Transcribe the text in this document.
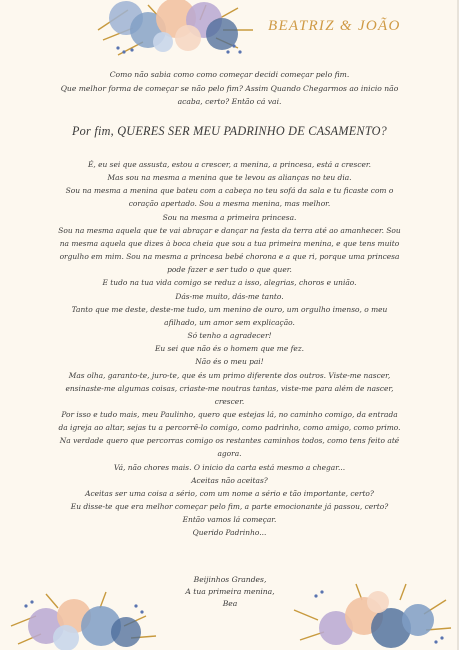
BEATRIZ & JOÃO
Como não sabia como como começar decidi começar pelo fim.
Que melhor forma de começar se não pelo fim? Assim Quando Chegarmos ao inicio não
acaba, certo? Então cá vai.
Por fim, QUERES SER MEU PADRINHO DE CASAMENTO?
É, eu sei que assusta, estou a crescer, a menina, a princesa, está a crescer.
Mas sou na mesma a menina que te levou as alianças no teu dia.
Sou na mesma a menina que bateu com a cabeça no teu sofá da sala e tu ficaste com o
coração apertado. Sou a mesma menina, mas melhor.
Sou na mesma a primeira princesa.
Sou na mesma aquela que te vai abraçar e dançar na festa da terra até ao amanhecer. Sou
na mesma aquela que dizes à boca cheia que sou a tua primeira menina, e que tens muito
orgulho em mim. Sou na mesma a princesa bebé chorona e a que ri, porque uma princesa
pode fazer e ser tudo o que quer.
E tudo na tua vida comigo se reduz a isso, alegrias, choros e união.
Dás-me muito, dás-me tanto.
Tanto que me deste, deste-me tudo, um menino de ouro, um orgulho imenso, o meu
afilhado, um amor sem explicação.
Só tenho a agradecer!
Eu sei que não és o homem que me fez.
Não és o meu pai!
Mas olha, garanto-te, juro-te, que és um primo diferente dos outros. Viste-me nascer,
ensinaste-me algumas coisas, criaste-me noutras tantas, viste-me para além de nascer,
crescer.
Por isso e tudo mais, meu Paulinho, quero que estejas lá, no caminho comigo, da entrada
da igreja ao altar, sejas tu a percorrê-lo comigo, como padrinho, como amigo, como primo.
Na verdade quero que percorras comigo os restantes caminhos todos, como tens feito até
agora.
Vá, não chores mais. O inicio da carta está mesmo a chegar...
Aceitas não aceitas?
Aceitas ser uma coisa a sério, com um nome a sério e tão importante, certo?
Eu disse-te que era melhor começar pelo fim, a parte emocionante já passou, certo?
Então vamos lá começar.
Querido Padrinho...
Beijinhos Grandes,
A tua primeira menina,
Bea
